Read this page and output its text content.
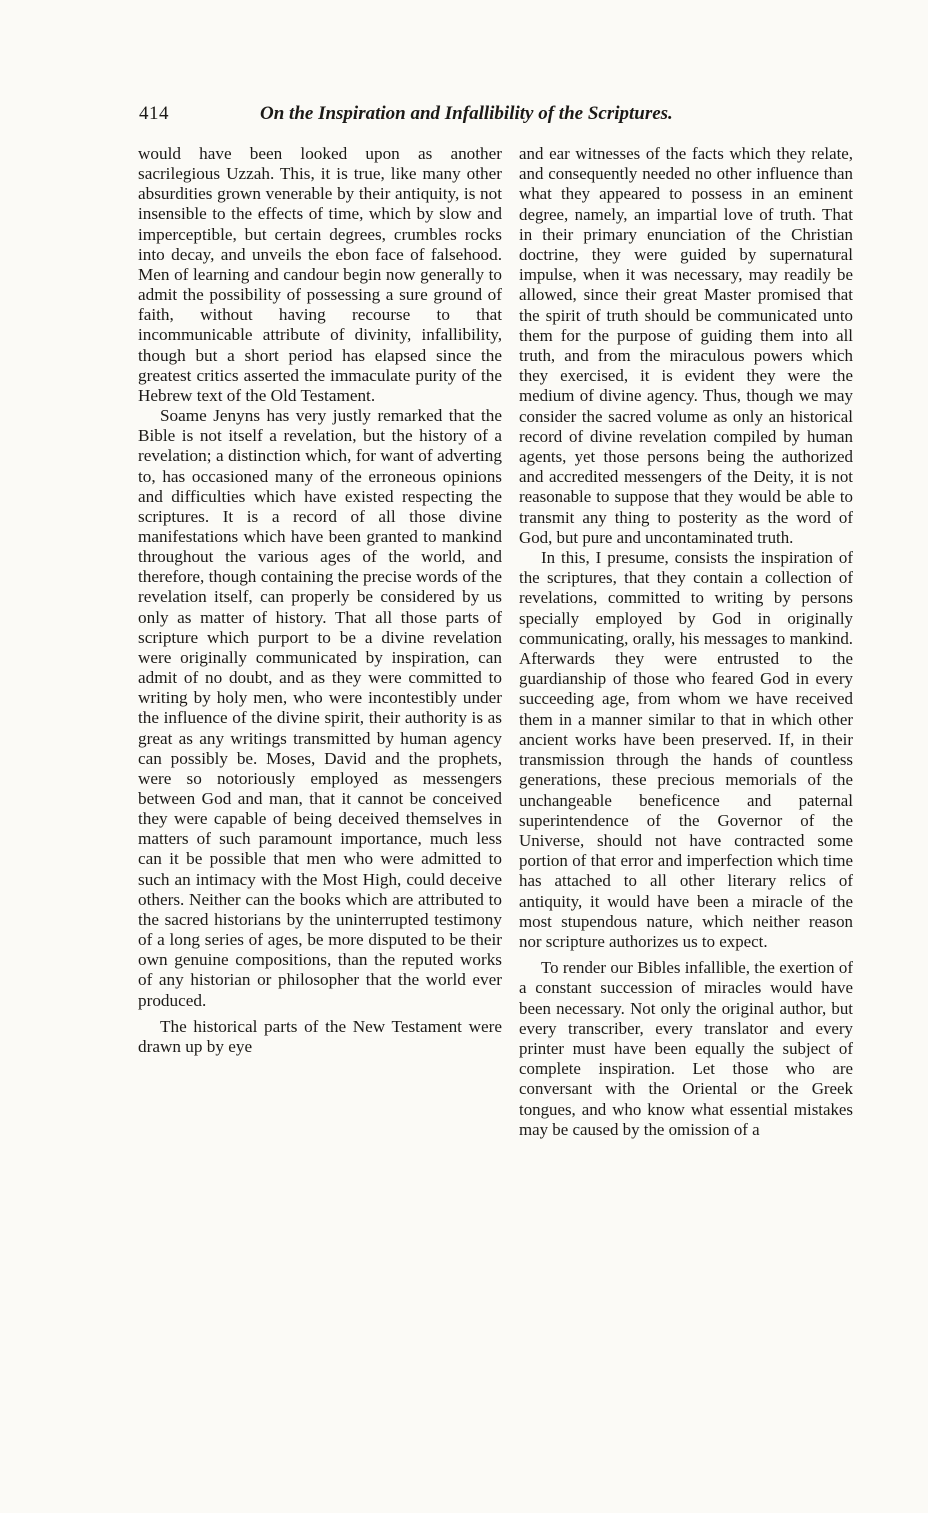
414	On the Inspiration and Infallibility of the Scriptures.

would have been looked upon as another sacrilegious Uzzah. This, it is true, like many other absurdities grown venerable by their antiquity, is not insensible to the effects of time, which by slow and imperceptible, but certain degrees, crumbles rocks into decay, and unveils the ebon face of falsehood. Men of learning and candour begin now generally to admit the possibility of possessing a sure ground of faith, without having recourse to that incommunicable attribute of divinity, infallibility, though but a short period has elapsed since the greatest critics asserted the immaculate purity of the Hebrew text of the Old Testament.

Soame Jenyns has very justly remarked that the Bible is not itself a revelation, but the history of a revelation; a distinction which, for want of adverting to, has occasioned many of the erroneous opinions and difficulties which have existed respecting the scriptures. It is a record of all those divine manifestations which have been granted to mankind throughout the various ages of the world, and therefore, though containing the precise words of the revelation itself, can properly be considered by us only as matter of history. That all those parts of scripture which purport to be a divine revelation were originally communicated by inspiration, can admit of no doubt, and as they were committed to writing by holy men, who were incontestibly under the influence of the divine spirit, their authority is as great as any writings transmitted by human agency can possibly be. Moses, David and the prophets, were so notoriously employed as messengers between God and man, that it cannot be conceived they were capable of being deceived themselves in matters of such paramount importance, much less can it be possible that men who were admitted to such an intimacy with the Most High, could deceive others. Neither can the books which are attributed to the sacred historians by the uninterrupted testimony of a long series of ages, be more disputed to be their own genuine compositions, than the reputed works of any historian or philosopher that the world ever produced.

The historical parts of the New Testament were drawn up by eye

and ear witnesses of the facts which they relate, and consequently needed no other influence than what they appeared to possess in an eminent degree, namely, an impartial love of truth. That in their primary enunciation of the Christian doctrine, they were guided by supernatural impulse, when it was necessary, may readily be allowed, since their great Master promised that the spirit of truth should be communicated unto them for the purpose of guiding them into all truth, and from the miraculous powers which they exercised, it is evident they were the medium of divine agency. Thus, though we may consider the sacred volume as only an historical record of divine revelation compiled by human agents, yet those persons being the authorized and accredited messengers of the Deity, it is not reasonable to suppose that they would be able to transmit any thing to posterity as the word of God, but pure and uncontaminated truth.

In this, I presume, consists the inspiration of the scriptures, that they contain a collection of revelations, committed to writing by persons specially employed by God in originally communicating, orally, his messages to mankind. Afterwards they were entrusted to the guardianship of those who feared God in every succeeding age, from whom we have received them in a manner similar to that in which other ancient works have been preserved. If, in their transmission through the hands of countless generations, these precious memorials of the unchangeable beneficence and paternal superintendence of the Governor of the Universe, should not have contracted some portion of that error and imperfection which time has attached to all other literary relics of antiquity, it would have been a miracle of the most stupendous nature, which neither reason nor scripture authorizes us to expect.

To render our Bibles infallible, the exertion of a constant succession of miracles would have been necessary. Not only the original author, but every transcriber, every translator and every printer must have been equally the subject of complete inspiration. Let those who are conversant with the Oriental or the Greek tongues, and who know what essential mistakes may be caused by the omission of a
